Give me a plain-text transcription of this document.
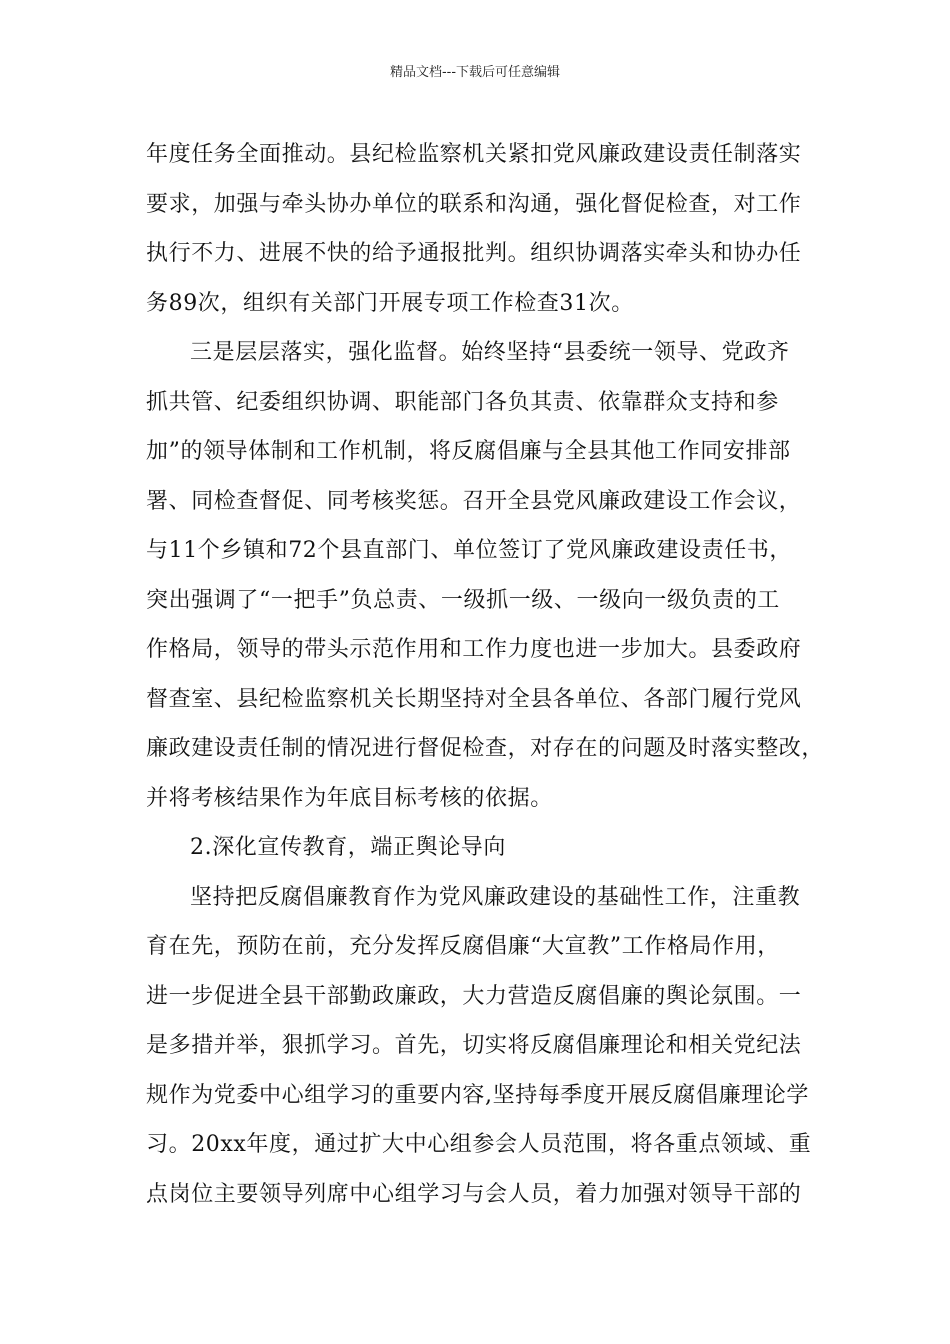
精品文档---下载后可任意编辑
年度任务全面推动。县纪检监察机关紧扣党风廉政建设责任制落实
要求，加强与牵头协办单位的联系和沟通，强化督促检查，对工作
执行不力、进展不快的给予通报批判。组织协调落实牵头和协办任
务89次，组织有关部门开展专项工作检查31次。
三是层层落实，强化监督。始终坚持“县委统一领导、党政齐
抓共管、纪委组织协调、职能部门各负其责、依靠群众支持和参
加”的领导体制和工作机制，将反腐倡廉与全县其他工作同安排部
署、同检查督促、同考核奖惩。召开全县党风廉政建设工作会议，
与11个乡镇和72个县直部门、单位签订了党风廉政建设责任书，
突出强调了“一把手”负总责、一级抓一级、一级向一级负责的工
作格局，领导的带头示范作用和工作力度也进一步加大。县委政府
督查室、县纪检监察机关长期坚持对全县各单位、各部门履行党风
廉政建设责任制的情况进行督促检查，对存在的问题及时落实整改，
并将考核结果作为年底目标考核的依据。
2.深化宣传教育，端正舆论导向
坚持把反腐倡廉教育作为党风廉政建设的基础性工作，注重教
育在先，预防在前，充分发挥反腐倡廉“大宣教”工作格局作用，
进一步促进全县干部勤政廉政，大力营造反腐倡廉的舆论氛围。一
是多措并举，狠抓学习。首先，切实将反腐倡廉理论和相关党纪法
规作为党委中心组学习的重要内容,坚持每季度开展反腐倡廉理论学
习。20xx年度，通过扩大中心组参会人员范围，将各重点领域、重
点岗位主要领导列席中心组学习与会人员，着力加强对领导干部的
